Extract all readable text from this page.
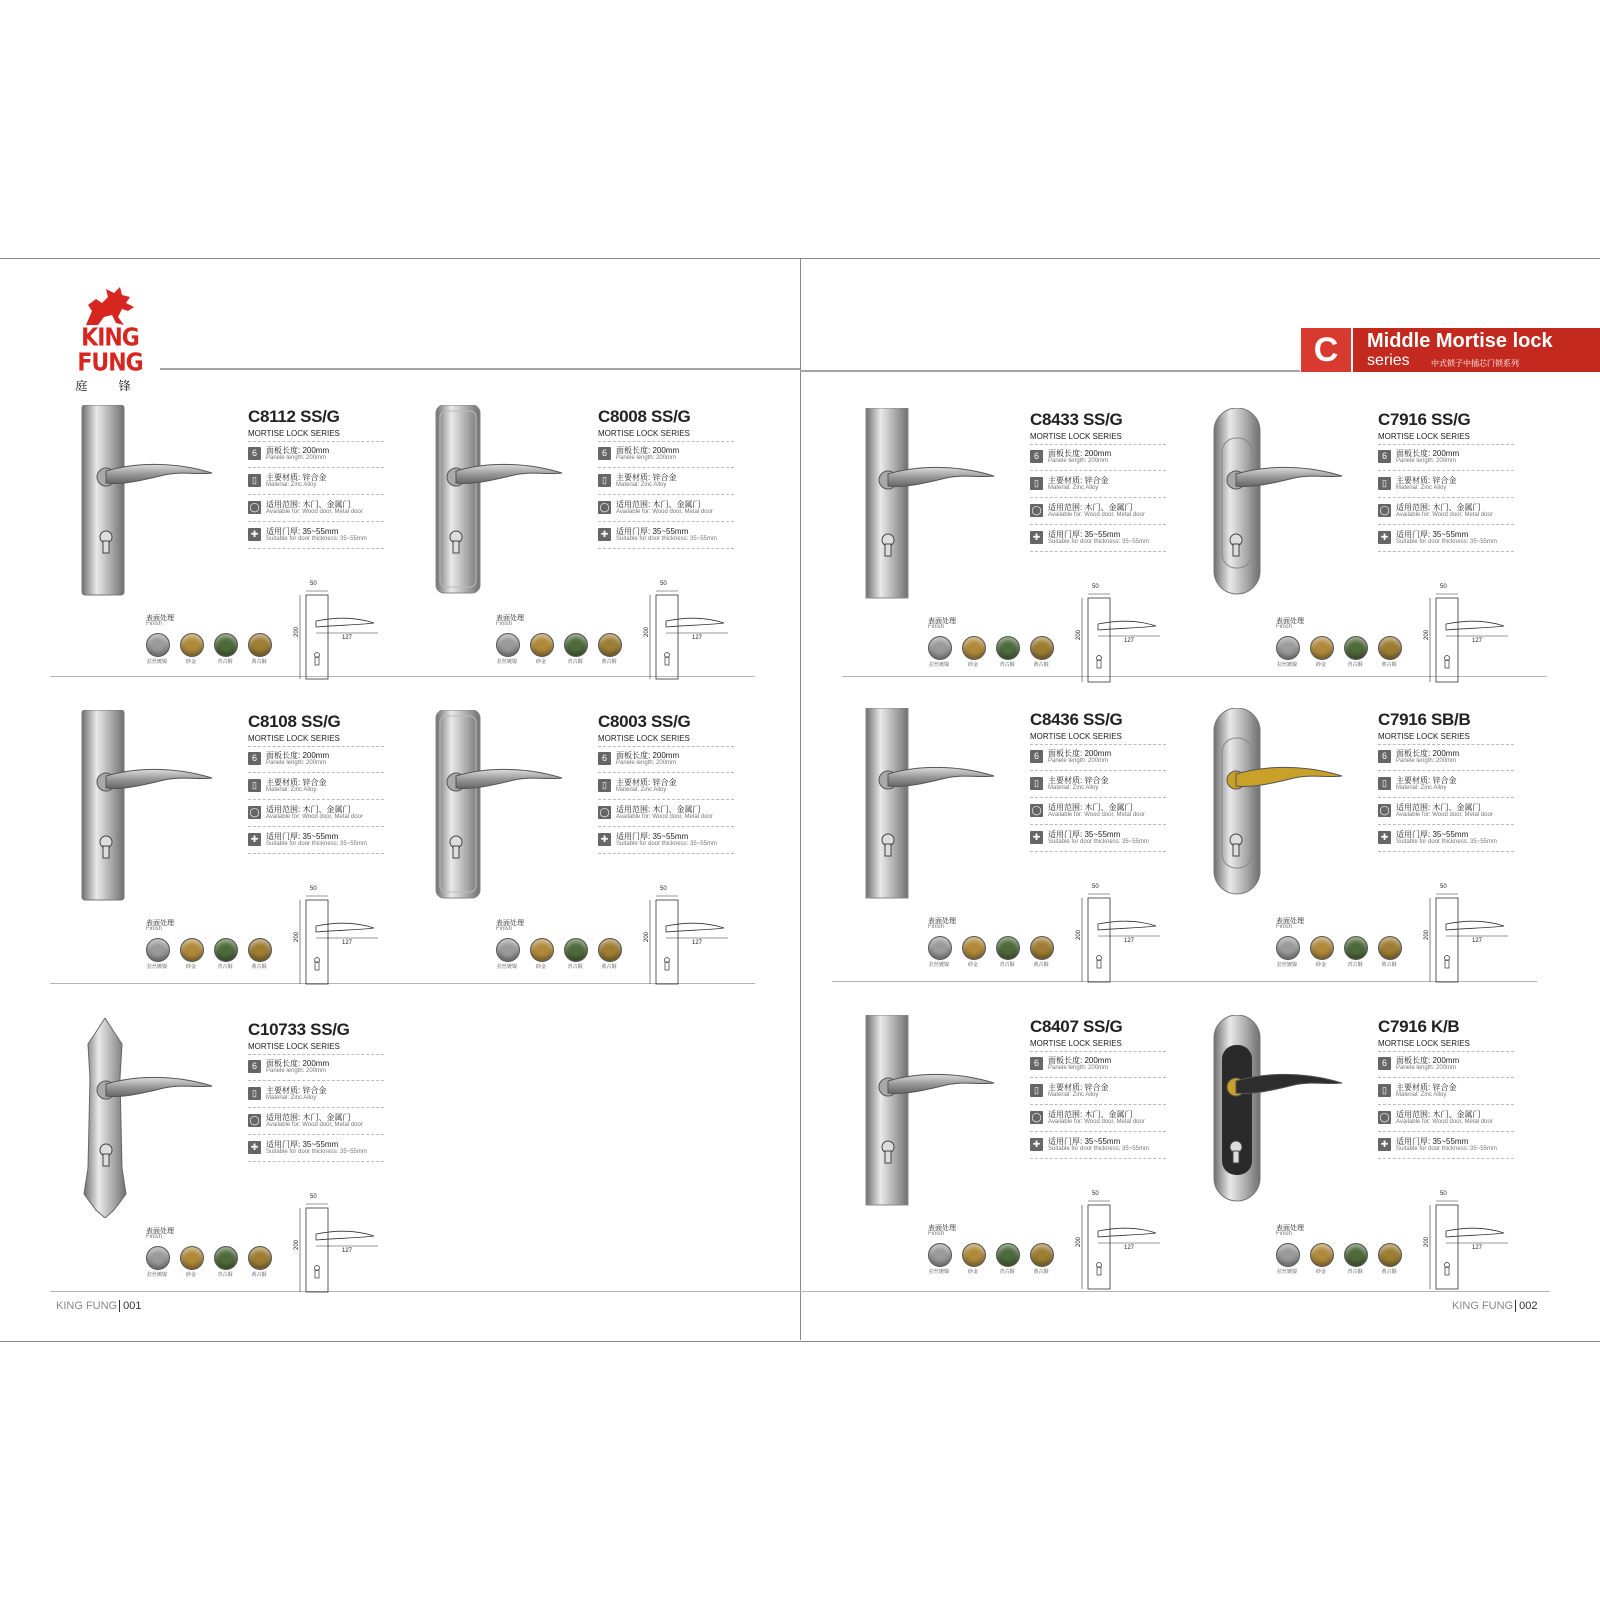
KING FUNG
庭 锋
C	Middle Mortise lock
series	中式锁子中插芯门锁系列
C8112 SS/G
MORTISE LOCK SERIES
6	面板长度: 200mm
Panele length: 200mm
▯	主要材质: 锌合金
Material: Zinc Alloy
◯ 适用范围: 木门、金属门
Available for: Wood door, Metal door
✚ 适用门厚: 35~55mm
Suitable for door thickness: 35~55mm
表面处理
Finish
拉丝镀镍	砂金	青古铜	黄古铜
50
200
127
C8008 SS/G
MORTISE LOCK SERIES
6	面板长度: 200mm
Panele length: 200mm
▯	主要材质: 锌合金
Material: Zinc Alloy
◯ 适用范围: 木门、金属门
Available for: Wood door, Metal door
✚ 适用门厚: 35~55mm
Suitable for door thickness: 35~55mm
表面处理
Finish
拉丝镀镍	砂金	青古铜	黄古铜
50
200
127
C8108 SS/G
MORTISE LOCK SERIES
6	面板长度: 200mm
Panele length: 200mm
▯	主要材质: 锌合金
Material: Zinc Alloy
◯ 适用范围: 木门、金属门
Available for: Wood door, Metal door
✚ 适用门厚: 35~55mm
Suitable for door thickness: 35~55mm
表面处理
Finish
拉丝镀镍	砂金	青古铜	黄古铜
50
200
127
C8003 SS/G
MORTISE LOCK SERIES
6	面板长度: 200mm
Panele length: 200mm
▯	主要材质: 锌合金
Material: Zinc Alloy
◯ 适用范围: 木门、金属门
Available for: Wood door, Metal door
✚ 适用门厚: 35~55mm
Suitable for door thickness: 35~55mm
表面处理
Finish
拉丝镀镍	砂金	青古铜	黄古铜
50
200
127
C10733 SS/G
MORTISE LOCK SERIES
6	面板长度: 200mm
Panele length: 200mm
▯	主要材质: 锌合金
Material: Zinc Alloy
◯ 适用范围: 木门、金属门
Available for: Wood door, Metal door
✚ 适用门厚: 35~55mm
Suitable for door thickness: 35~55mm
表面处理
Finish
拉丝镀镍	砂金	青古铜	黄古铜
50
200
127
C8433 SS/G
MORTISE LOCK SERIES
6	面板长度: 200mm
Panele length: 200mm
▯	主要材质: 锌合金
Material: Zinc Alloy
◯ 适用范围: 木门、金属门
Available for: Wood door, Metal door
✚ 适用门厚: 35~55mm
Suitable for door thickness: 35~55mm
表面处理
Finish
拉丝镀镍	砂金	青古铜	黄古铜
50
200
127
C7916 SS/G
MORTISE LOCK SERIES
6	面板长度: 200mm
Panele length: 200mm
▯	主要材质: 锌合金
Material: Zinc Alloy
◯ 适用范围: 木门、金属门
Available for: Wood door, Metal door
✚ 适用门厚: 35~55mm
Suitable for door thickness: 35~55mm
表面处理
Finish
拉丝镀镍	砂金	青古铜	黄古铜
50
200
127
C8436 SS/G
MORTISE LOCK SERIES
6	面板长度: 200mm
Panele length: 200mm
▯	主要材质: 锌合金
Material: Zinc Alloy
◯ 适用范围: 木门、金属门
Available for: Wood door, Metal door
✚ 适用门厚: 35~55mm
Suitable for door thickness: 35~55mm
表面处理
Finish
拉丝镀镍	砂金	青古铜	黄古铜
50
200
127
C7916 SB/B
MORTISE LOCK SERIES
6	面板长度: 200mm
Panele length: 200mm
▯	主要材质: 锌合金
Material: Zinc Alloy
◯ 适用范围: 木门、金属门
Available for: Wood door, Metal door
✚ 适用门厚: 35~55mm
Suitable for door thickness: 35~55mm
表面处理
Finish
拉丝镀镍	砂金	青古铜	黄古铜
50
200
127
C8407 SS/G
MORTISE LOCK SERIES
6	面板长度: 200mm
Panele length: 200mm
▯	主要材质: 锌合金
Material: Zinc Alloy
◯ 适用范围: 木门、金属门
Available for: Wood door, Metal door
✚ 适用门厚: 35~55mm
Suitable for door thickness: 35~55mm
表面处理
Finish
拉丝镀镍	砂金	青古铜	黄古铜
50
200
127
C7916 K/B
MORTISE LOCK SERIES
6	面板长度: 200mm
Panele length: 200mm
▯	主要材质: 锌合金
Material: Zinc Alloy
◯ 适用范围: 木门、金属门
Available for: Wood door, Metal door
✚ 适用门厚: 35~55mm
Suitable for door thickness: 35~55mm
表面处理
Finish
拉丝镀镍	砂金	青古铜	黄古铜
50
200
127
KING FUNG 001	KING FUNG 002
